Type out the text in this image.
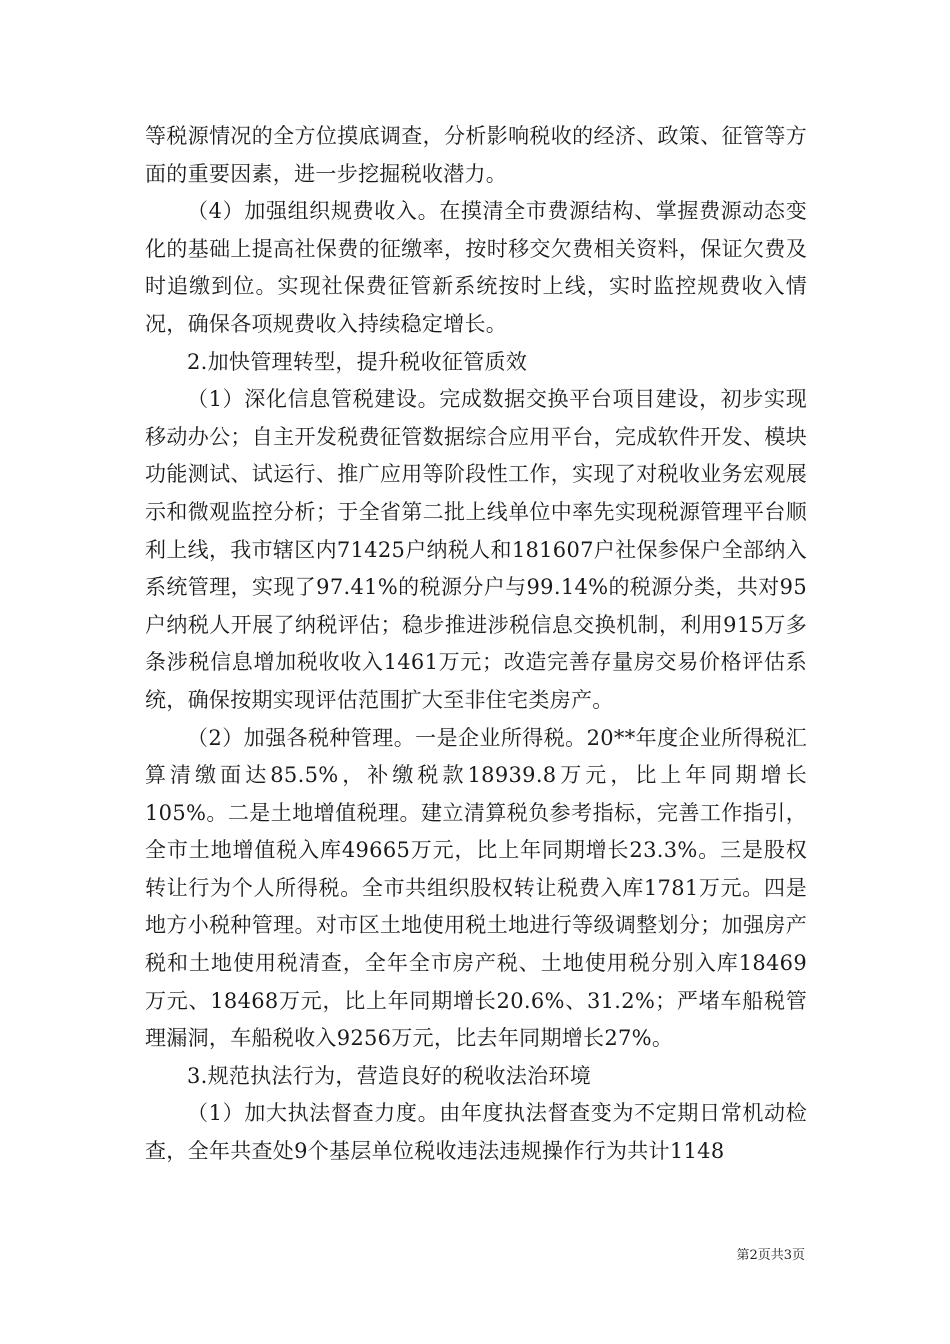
等税源情况的全方位摸底调查，分析影响税收的经济、政策、征管等方面的重要因素，进一步挖掘税收潜力。

（4）加强组织规费收入。在摸清全市费源结构、掌握费源动态变化的基础上提高社保费的征缴率，按时移交欠费相关资料，保证欠费及时追缴到位。实现社保费征管新系统按时上线，实时监控规费收入情况，确保各项规费收入持续稳定增长。

2.加快管理转型，提升税收征管质效

（1）深化信息管税建设。完成数据交换平台项目建设，初步实现移动办公；自主开发税费征管数据综合应用平台，完成软件开发、模块功能测试、试运行、推广应用等阶段性工作，实现了对税收业务宏观展示和微观监控分析；于全省第二批上线单位中率先实现税源管理平台顺利上线，我市辖区内71425户纳税人和181607户社保参保户全部纳入系统管理，实现了97.41%的税源分户与99.14%的税源分类，共对95户纳税人开展了纳税评估；稳步推进涉税信息交换机制，利用915万多条涉税信息增加税收收入1461万元；改造完善存量房交易价格评估系统，确保按期实现评估范围扩大至非住宅类房产。

（2）加强各税种管理。一是企业所得税。20**年度企业所得税汇算清缴面达85.5%，补缴税款18939.8万元，比上年同期增长105%。二是土地增值税理。建立清算税负参考指标，完善工作指引，全市土地增值税入库49665万元，比上年同期增长23.3%。三是股权转让行为个人所得税。全市共组织股权转让税费入库1781万元。四是地方小税种管理。对市区土地使用税土地进行等级调整划分；加强房产税和土地使用税清查，全年全市房产税、土地使用税分别入库18469万元、18468万元，比上年同期增长20.6%、31.2%；严堵车船税管理漏洞，车船税收入9256万元，比去年同期增长27%。

3.规范执法行为，营造良好的税收法治环境

（1）加大执法督查力度。由年度执法督查变为不定期日常机动检查，全年共查处9个基层单位税收违法违规操作行为共计1148

第2页共3页
